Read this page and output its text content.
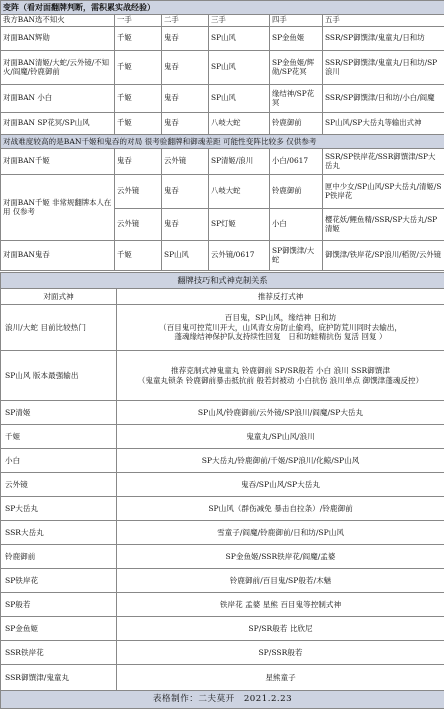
变阵（看对面翻牌判断，需积累实战经验）					
我方BAN选不知火	一手	二手	三手	四手	五手
对面BAN辉勋	千姬	鬼吞	SP山风	SP金鱼姬	SSR/SP御馔津/鬼童丸/日和坊
对面BAN清姬/大蛇/云外镜/不知火/阎魔/铃鹿御前	千姬	鬼吞	SP山风	SP金鱼姬/辉勋/SP花冥	SSR/SP御馔津/鬼童丸/日和坊/SP浪川
对面BAN 小白	千姬	鬼吞	SP山风	缘结神/SP花冥	SSR/SP御馔津/日和坊/小白/阎魔
对面BAN SP花冥/SP山风	千姬	鬼吞	八岐大蛇	铃鹿御前	SP山风/SP大岳丸等输出式神
对战难度较高的是BAN千姬和鬼吞的对局 很考验翻牌和御魂差距 可能性变阵比较多 仅供参考					
对面BAN千姬	鬼吞	云外镜	SP清姬/浪川	小白/0617	SSR/SP铁岸花/SSR御馔津/SP大岳丸
对面BAN千姬 非常规翻牌本人在用 仅参考	云外镜	鬼吞	八岐大蛇	铃鹿御前	匣中少女/SP山风/SP大岳丸/清姬/SP铁岸花
	云外镜	鬼吞	SP灯姬	小白	樱花妖/鲤鱼精/SSR/SP大岳丸/SP清姬
对面BAN鬼吞	千姬	SP山风	云外镜/0617	SP御馔津/大蛇	御馔津/铁岸花/SP浪川/稻贺/云外镜
翻牌技巧和式神克制关系	
对面式神	推荐反打式神
浪川/大蛇 目前比较热门	百目鬼，SP山风，缘结神 日和坊
（百目鬼可控荒川开大，山风青女房防止偷鸡，庇护防荒川同时去输出，
蓬魂缘结神保护队友持续性回复　日和坊蛙精抗伤 复活 回复 ）
SP山风 版本最强输出	推荐克制式神鬼童丸 铃鹿御前 SP/SR般若 小白 浪川 SSR御馔津
（鬼童丸锁条 铃鹿御前暴击抵抗前 般若封被动 小白抗伤 浪川单点 御馔津蓬魂反控）
SP清姬	SP山风/铃鹿御前/云外镜/SP浪川/阎魔/SP大岳丸
千姬	鬼童丸/SP山风/浪川
小白	SP大岳丸/铃鹿御前/千姬/SP浪川/化鲸/SP山风
云外镜	鬼吞/SP山风/SP大岳丸
SP大岳丸	SP山风（群伤减免 暴击自拉条）/铃鹿御前
SSR大岳丸	雪童子/阎魔/铃鹿御前/日和坊/SP山风
铃鹿御前	SP金鱼姬/SSR铁岸花/阎魔/孟婆
SP铁岸花	铃鹿御前/百目鬼/SP般若/木魅
SP般若	铁岸花 孟婆 星熊 百目鬼等控制式神
SP金鱼姬	SP/SR般若 比欣尼
SSR铁岸花	SP/SSR般若
SSR御馔津/鬼童丸	星熊童子
表格制作：二夫莫开　2021.2.23	
